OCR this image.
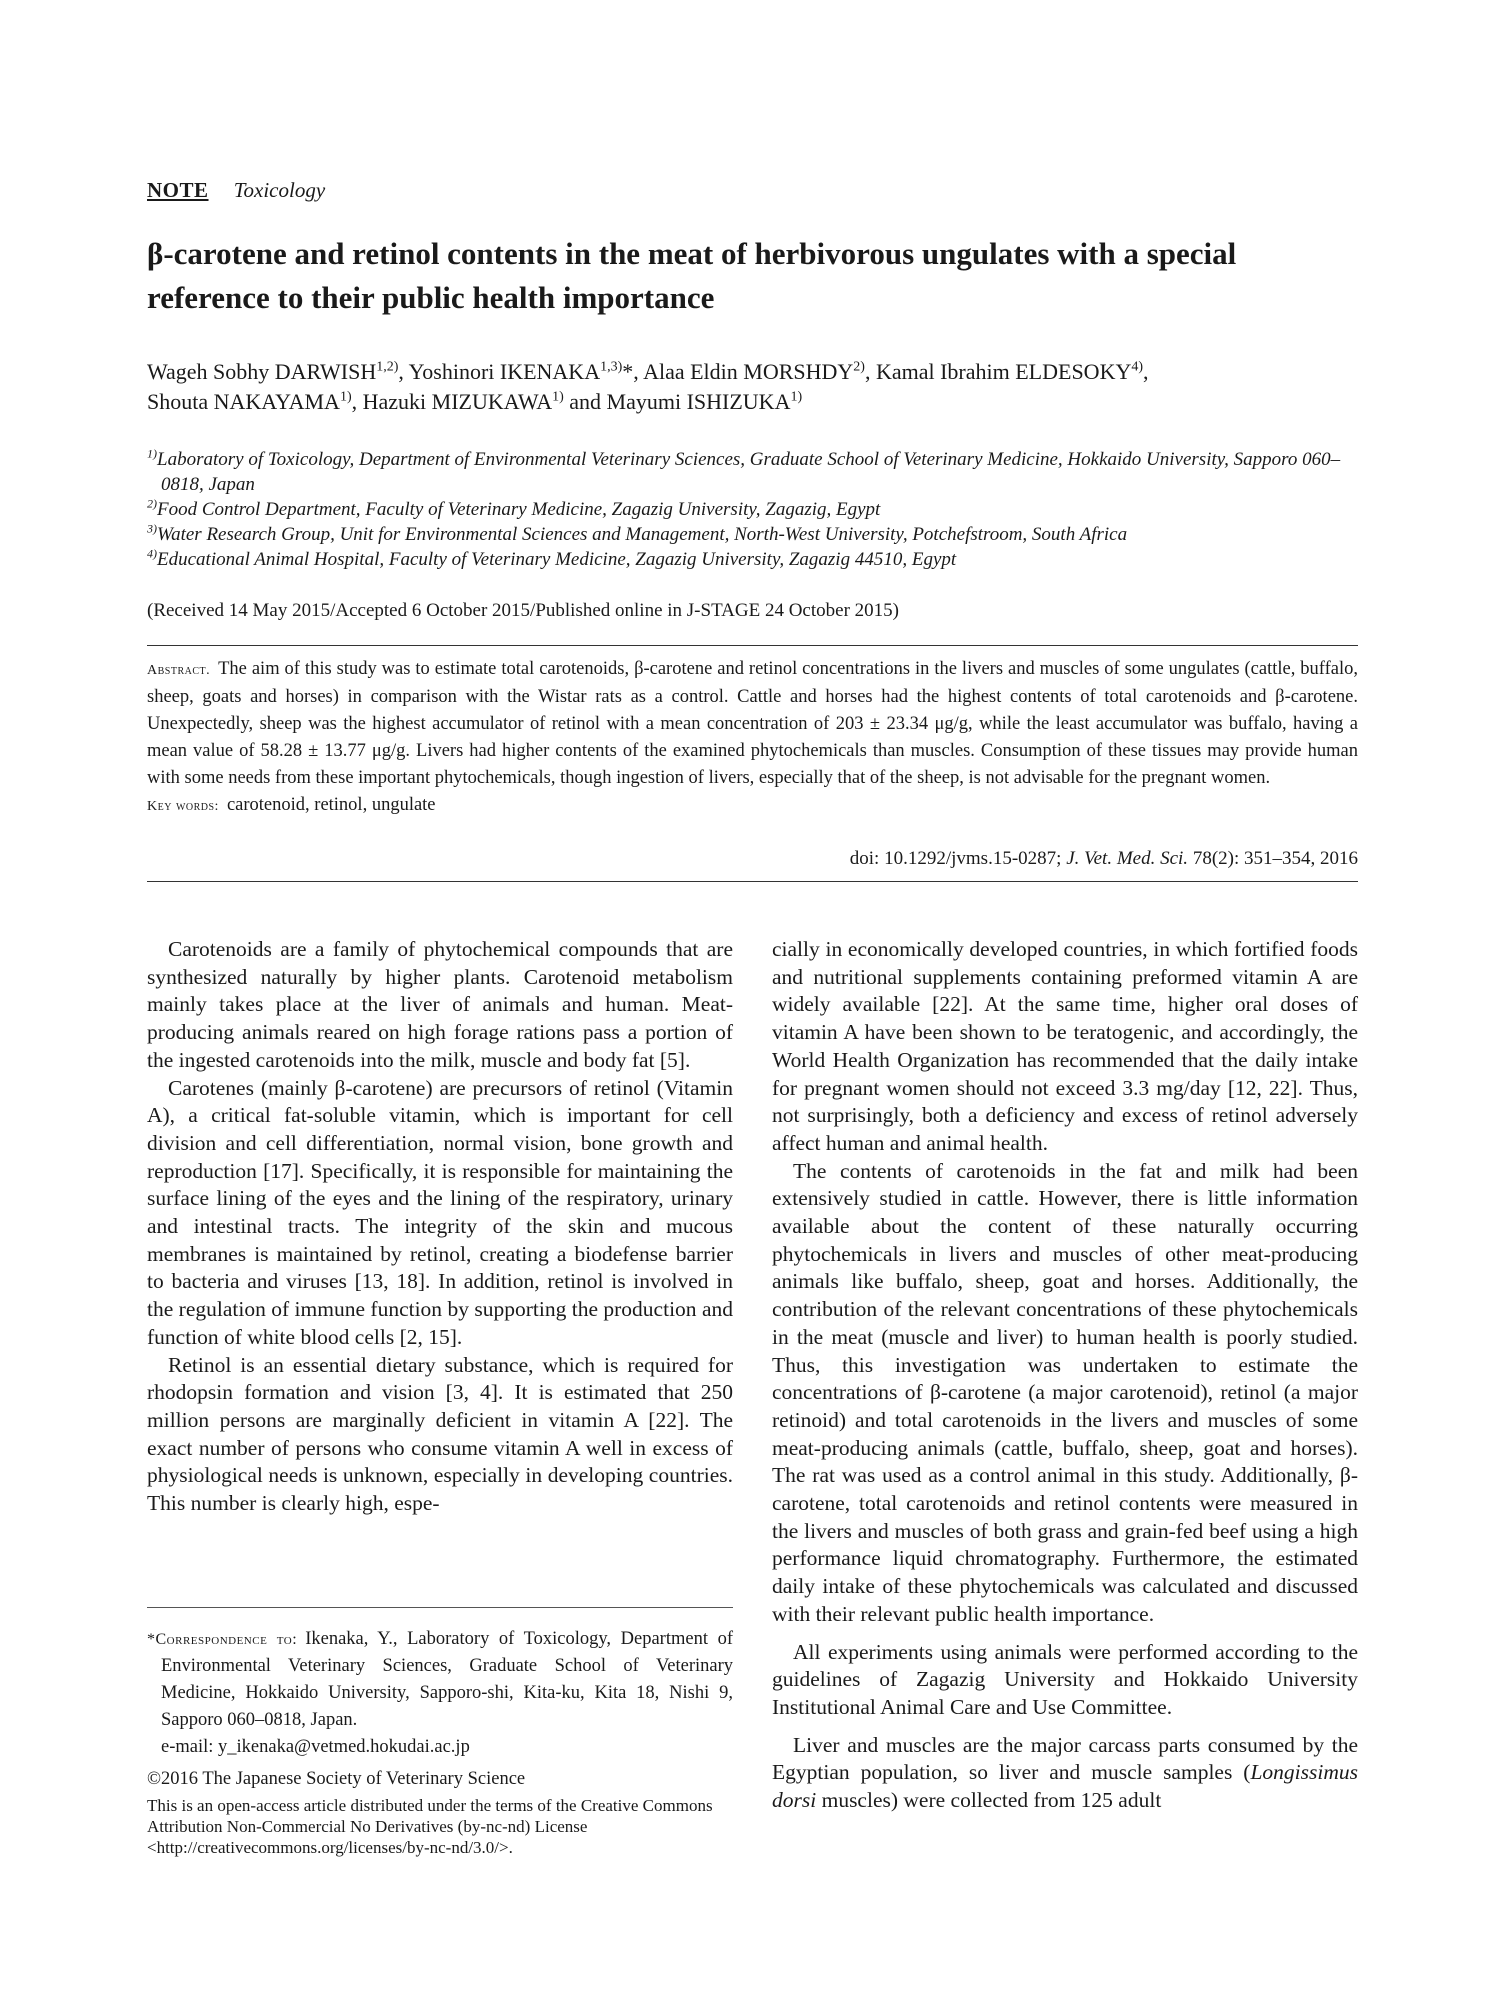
NOTE Toxicology
β-carotene and retinol contents in the meat of herbivorous ungulates with a special
reference to their public health importance
Wageh Sobhy DARWISH$^{1,2)}$, Yoshinori IKENAKA$^{1,3)}$*, Alaa Eldin MORSHDY$^{2)}$, Kamal Ibrahim ELDESOKY$^{4)}$,
Shouta NAKAYAMA$^{1)}$, Hazuki MIZUKAWA$^{1)}$ and Mayumi ISHIZUKA$^{1)}$

$^{1)}$Laboratory of Toxicology, Department of Environmental Veterinary Sciences, Graduate School of Veterinary Medicine, Hokkaido University, Sapporo 060–0818, Japan

$^{2)}$Food Control Department, Faculty of Veterinary Medicine, Zagazig University, Zagazig, Egypt

$^{3)}$Water Research Group, Unit for Environmental Sciences and Management, North-West University, Potchefstroom, South Africa

$^{4)}$Educational Animal Hospital, Faculty of Veterinary Medicine, Zagazig University, Zagazig 44510, Egypt

(Received 14 May 2015/Accepted 6 October 2015/Published online in J-STAGE 24 October 2015)

Abstract. The aim of this study was to estimate total carotenoids, β-carotene and retinol concentrations in the livers and muscles of some ungulates (cattle, buffalo, sheep, goats and horses) in comparison with the Wistar rats as a control. Cattle and horses had the highest contents of total carotenoids and β-carotene. Unexpectedly, sheep was the highest accumulator of retinol with a mean concentration of 203 ± 23.34 μg/g, while the least accumulator was buffalo, having a mean value of 58.28 ± 13.77 μg/g. Livers had higher contents of the examined phytochemicals than muscles. Consumption of these tissues may provide human with some needs from these important phytochemicals, though ingestion of livers, especially that of the sheep, is not advisable for the pregnant women.

Key words: carotenoid, retinol, ungulate

doi: 10.1292/jvms.15-0287; J. Vet. Med. Sci. 78(2): 351–354, 2016

Carotenoids are a family of phytochemical compounds that are synthesized naturally by higher plants. Carotenoid metabolism mainly takes place at the liver of animals and human. Meat-producing animals reared on high forage rations pass a portion of the ingested carotenoids into the milk, muscle and body fat [5].

Carotenes (mainly β-carotene) are precursors of retinol (Vitamin A), a critical fat-soluble vitamin, which is important for cell division and cell differentiation, normal vision, bone growth and reproduction [17]. Specifically, it is responsible for maintaining the surface lining of the eyes and the lining of the respiratory, urinary and intestinal tracts. The integrity of the skin and mucous membranes is maintained by retinol, creating a biodefense barrier to bacteria and viruses [13, 18]. In addition, retinol is involved in the regulation of immune function by supporting the production and function of white blood cells [2, 15].

Retinol is an essential dietary substance, which is required for rhodopsin formation and vision [3, 4]. It is estimated that 250 million persons are marginally deficient in vitamin A [22]. The exact number of persons who consume vitamin A well in excess of physiological needs is unknown, especially in developing countries. This number is clearly high, espe-

*Correspondence to: Ikenaka, Y., Laboratory of Toxicology, Department of Environmental Veterinary Sciences, Graduate School of Veterinary Medicine, Hokkaido University, Sapporo-shi, Kita-ku, Kita 18, Nishi 9, Sapporo 060–0818, Japan.
e-mail: y_ikenaka@vetmed.hokudai.ac.jp

©2016 The Japanese Society of Veterinary Science

This is an open-access article distributed under the terms of the Creative Commons Attribution Non-Commercial No Derivatives (by-nc-nd) License <http://creativecommons.org/licenses/by-nc-nd/3.0/>.

cially in economically developed countries, in which fortified foods and nutritional supplements containing preformed vitamin A are widely available [22]. At the same time, higher oral doses of vitamin A have been shown to be teratogenic, and accordingly, the World Health Organization has recommended that the daily intake for pregnant women should not exceed 3.3 mg/day [12, 22]. Thus, not surprisingly, both a deficiency and excess of retinol adversely affect human and animal health.

The contents of carotenoids in the fat and milk had been extensively studied in cattle. However, there is little information available about the content of these naturally occurring phytochemicals in livers and muscles of other meat-producing animals like buffalo, sheep, goat and horses. Additionally, the contribution of the relevant concentrations of these phytochemicals in the meat (muscle and liver) to human health is poorly studied. Thus, this investigation was undertaken to estimate the concentrations of β-carotene (a major carotenoid), retinol (a major retinoid) and total carotenoids in the livers and muscles of some meat-producing animals (cattle, buffalo, sheep, goat and horses). The rat was used as a control animal in this study. Additionally, β-carotene, total carotenoids and retinol contents were measured in the livers and muscles of both grass and grain-fed beef using a high performance liquid chromatography. Furthermore, the estimated daily intake of these phytochemicals was calculated and discussed with their relevant public health importance.

All experiments using animals were performed according to the guidelines of Zagazig University and Hokkaido University Institutional Animal Care and Use Committee.

Liver and muscles are the major carcass parts consumed by the Egyptian population, so liver and muscle samples (Longissimus dorsi muscles) were collected from 125 adult
